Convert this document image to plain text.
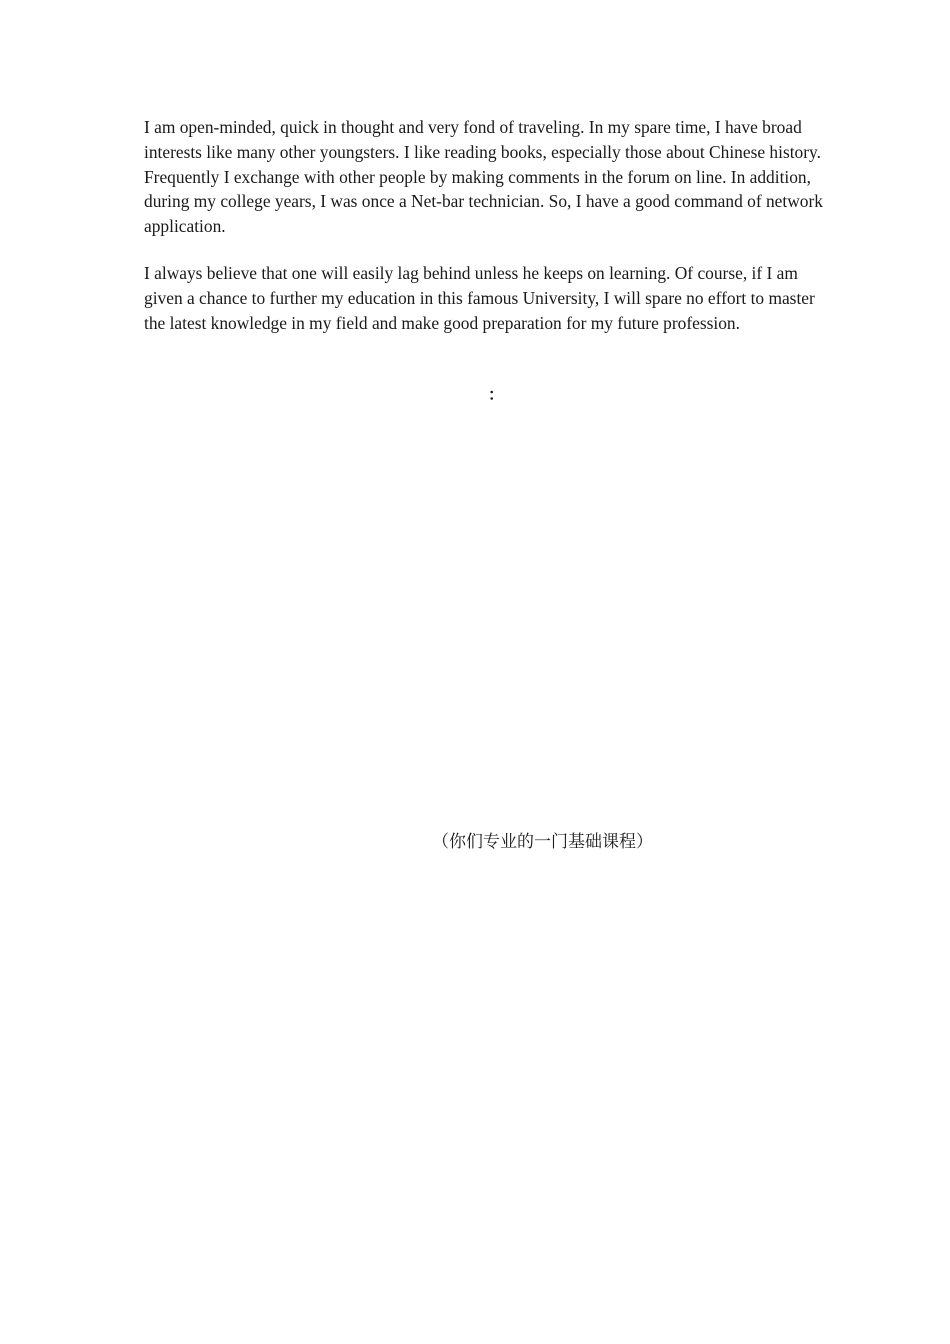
I am open-minded, quick in thought and very fond of traveling. In my spare time, I have broad interests like many other youngsters. I like reading books, especially those about Chinese history. Frequently I exchange with other people by making comments in the forum on line. In addition, during my college years, I was once a Net-bar technician. So, I have a good command of network application.

I always believe that one will easily lag behind unless he keeps on learning. Of course, if I am given a chance to further my education in this famous University, I will spare no effort to master the latest knowledge in my field and make good preparation for my future profession.

：
（你们专业的一门基础课程）
